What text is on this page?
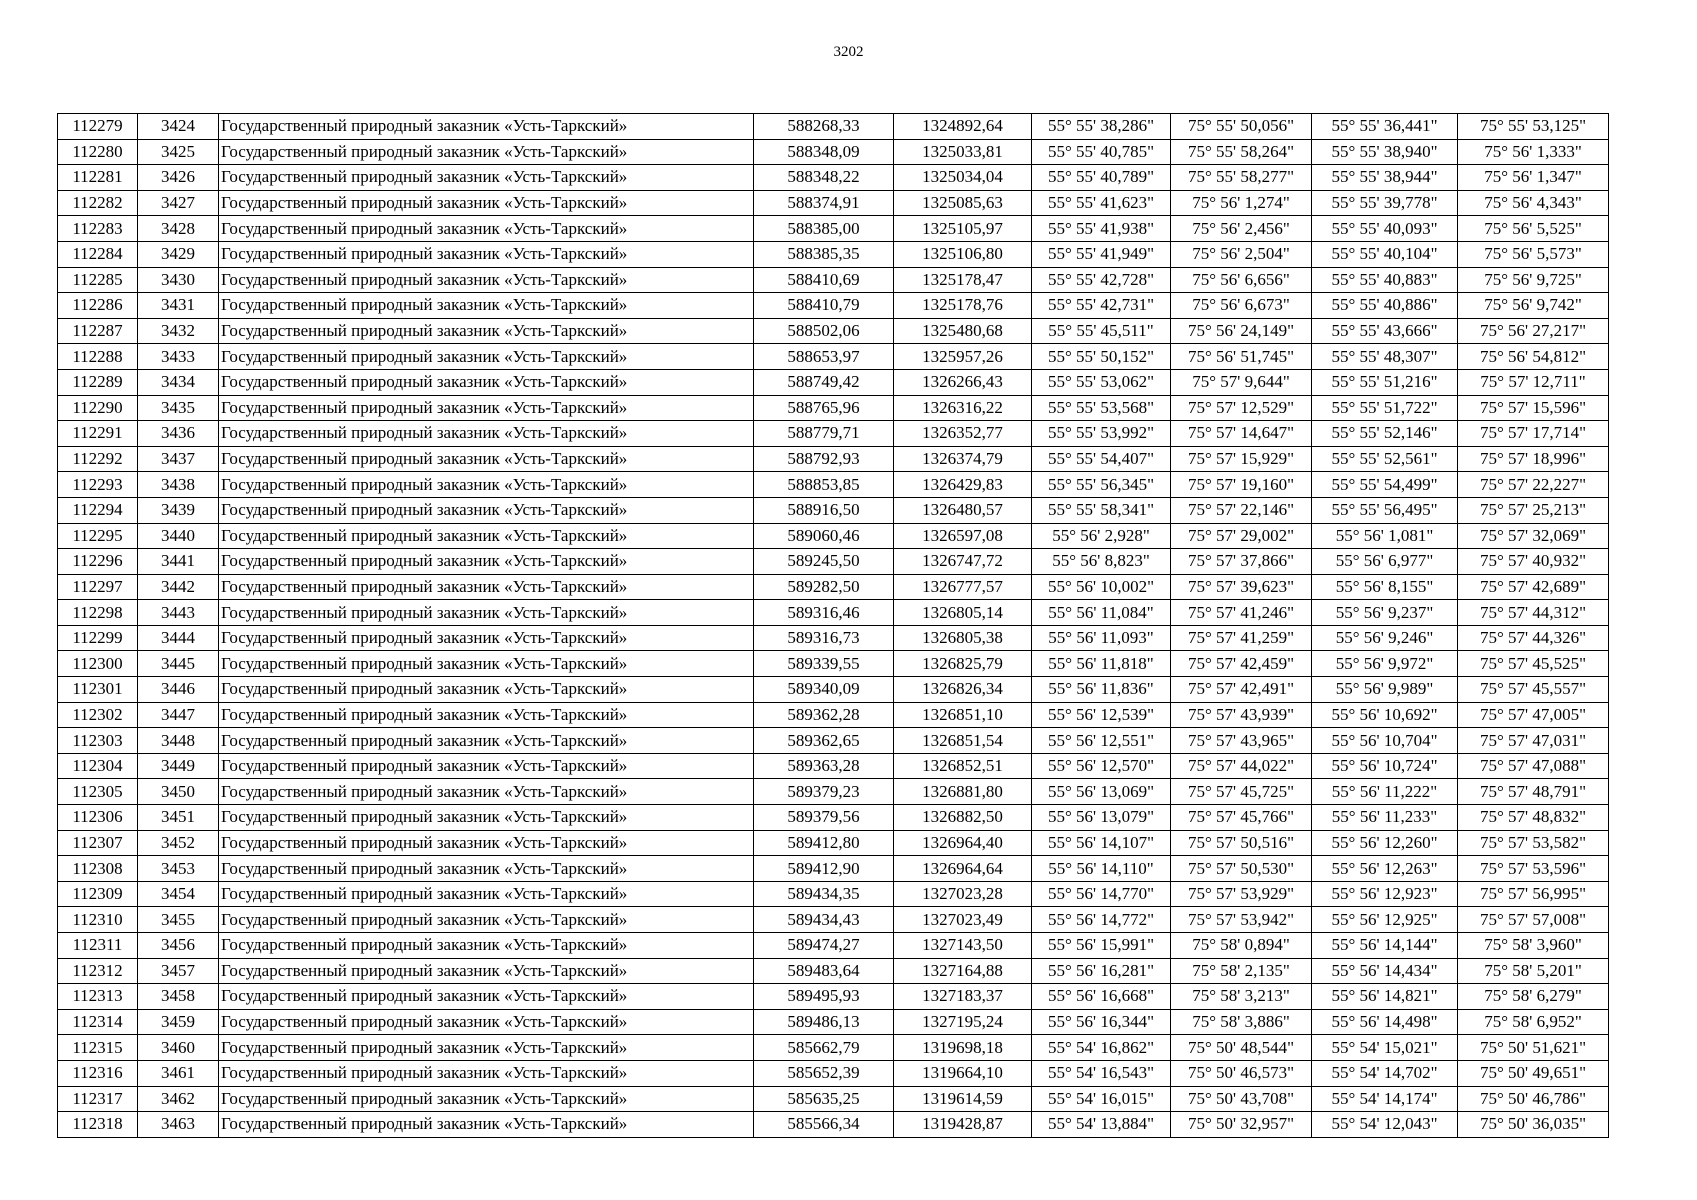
3202
112279	3424	Государственный природный заказник «Усть-Таркский»	588268,33	1324892,64	55° 55' 38,286"	75° 55' 50,056"	55° 55' 36,441"	75° 55' 53,125"
112280	3425	Государственный природный заказник «Усть-Таркский»	588348,09	1325033,81	55° 55' 40,785"	75° 55' 58,264"	55° 55' 38,940"	75° 56' 1,333"
112281	3426	Государственный природный заказник «Усть-Таркский»	588348,22	1325034,04	55° 55' 40,789"	75° 55' 58,277"	55° 55' 38,944"	75° 56' 1,347"
112282	3427	Государственный природный заказник «Усть-Таркский»	588374,91	1325085,63	55° 55' 41,623"	75° 56' 1,274"	55° 55' 39,778"	75° 56' 4,343"
112283	3428	Государственный природный заказник «Усть-Таркский»	588385,00	1325105,97	55° 55' 41,938"	75° 56' 2,456"	55° 55' 40,093"	75° 56' 5,525"
112284	3429	Государственный природный заказник «Усть-Таркский»	588385,35	1325106,80	55° 55' 41,949"	75° 56' 2,504"	55° 55' 40,104"	75° 56' 5,573"
112285	3430	Государственный природный заказник «Усть-Таркский»	588410,69	1325178,47	55° 55' 42,728"	75° 56' 6,656"	55° 55' 40,883"	75° 56' 9,725"
112286	3431	Государственный природный заказник «Усть-Таркский»	588410,79	1325178,76	55° 55' 42,731"	75° 56' 6,673"	55° 55' 40,886"	75° 56' 9,742"
112287	3432	Государственный природный заказник «Усть-Таркский»	588502,06	1325480,68	55° 55' 45,511"	75° 56' 24,149"	55° 55' 43,666"	75° 56' 27,217"
112288	3433	Государственный природный заказник «Усть-Таркский»	588653,97	1325957,26	55° 55' 50,152"	75° 56' 51,745"	55° 55' 48,307"	75° 56' 54,812"
112289	3434	Государственный природный заказник «Усть-Таркский»	588749,42	1326266,43	55° 55' 53,062"	75° 57' 9,644"	55° 55' 51,216"	75° 57' 12,711"
112290	3435	Государственный природный заказник «Усть-Таркский»	588765,96	1326316,22	55° 55' 53,568"	75° 57' 12,529"	55° 55' 51,722"	75° 57' 15,596"
112291	3436	Государственный природный заказник «Усть-Таркский»	588779,71	1326352,77	55° 55' 53,992"	75° 57' 14,647"	55° 55' 52,146"	75° 57' 17,714"
112292	3437	Государственный природный заказник «Усть-Таркский»	588792,93	1326374,79	55° 55' 54,407"	75° 57' 15,929"	55° 55' 52,561"	75° 57' 18,996"
112293	3438	Государственный природный заказник «Усть-Таркский»	588853,85	1326429,83	55° 55' 56,345"	75° 57' 19,160"	55° 55' 54,499"	75° 57' 22,227"
112294	3439	Государственный природный заказник «Усть-Таркский»	588916,50	1326480,57	55° 55' 58,341"	75° 57' 22,146"	55° 55' 56,495"	75° 57' 25,213"
112295	3440	Государственный природный заказник «Усть-Таркский»	589060,46	1326597,08	55° 56' 2,928"	75° 57' 29,002"	55° 56' 1,081"	75° 57' 32,069"
112296	3441	Государственный природный заказник «Усть-Таркский»	589245,50	1326747,72	55° 56' 8,823"	75° 57' 37,866"	55° 56' 6,977"	75° 57' 40,932"
112297	3442	Государственный природный заказник «Усть-Таркский»	589282,50	1326777,57	55° 56' 10,002"	75° 57' 39,623"	55° 56' 8,155"	75° 57' 42,689"
112298	3443	Государственный природный заказник «Усть-Таркский»	589316,46	1326805,14	55° 56' 11,084"	75° 57' 41,246"	55° 56' 9,237"	75° 57' 44,312"
112299	3444	Государственный природный заказник «Усть-Таркский»	589316,73	1326805,38	55° 56' 11,093"	75° 57' 41,259"	55° 56' 9,246"	75° 57' 44,326"
112300	3445	Государственный природный заказник «Усть-Таркский»	589339,55	1326825,79	55° 56' 11,818"	75° 57' 42,459"	55° 56' 9,972"	75° 57' 45,525"
112301	3446	Государственный природный заказник «Усть-Таркский»	589340,09	1326826,34	55° 56' 11,836"	75° 57' 42,491"	55° 56' 9,989"	75° 57' 45,557"
112302	3447	Государственный природный заказник «Усть-Таркский»	589362,28	1326851,10	55° 56' 12,539"	75° 57' 43,939"	55° 56' 10,692"	75° 57' 47,005"
112303	3448	Государственный природный заказник «Усть-Таркский»	589362,65	1326851,54	55° 56' 12,551"	75° 57' 43,965"	55° 56' 10,704"	75° 57' 47,031"
112304	3449	Государственный природный заказник «Усть-Таркский»	589363,28	1326852,51	55° 56' 12,570"	75° 57' 44,022"	55° 56' 10,724"	75° 57' 47,088"
112305	3450	Государственный природный заказник «Усть-Таркский»	589379,23	1326881,80	55° 56' 13,069"	75° 57' 45,725"	55° 56' 11,222"	75° 57' 48,791"
112306	3451	Государственный природный заказник «Усть-Таркский»	589379,56	1326882,50	55° 56' 13,079"	75° 57' 45,766"	55° 56' 11,233"	75° 57' 48,832"
112307	3452	Государственный природный заказник «Усть-Таркский»	589412,80	1326964,40	55° 56' 14,107"	75° 57' 50,516"	55° 56' 12,260"	75° 57' 53,582"
112308	3453	Государственный природный заказник «Усть-Таркский»	589412,90	1326964,64	55° 56' 14,110"	75° 57' 50,530"	55° 56' 12,263"	75° 57' 53,596"
112309	3454	Государственный природный заказник «Усть-Таркский»	589434,35	1327023,28	55° 56' 14,770"	75° 57' 53,929"	55° 56' 12,923"	75° 57' 56,995"
112310	3455	Государственный природный заказник «Усть-Таркский»	589434,43	1327023,49	55° 56' 14,772"	75° 57' 53,942"	55° 56' 12,925"	75° 57' 57,008"
112311	3456	Государственный природный заказник «Усть-Таркский»	589474,27	1327143,50	55° 56' 15,991"	75° 58' 0,894"	55° 56' 14,144"	75° 58' 3,960"
112312	3457	Государственный природный заказник «Усть-Таркский»	589483,64	1327164,88	55° 56' 16,281"	75° 58' 2,135"	55° 56' 14,434"	75° 58' 5,201"
112313	3458	Государственный природный заказник «Усть-Таркский»	589495,93	1327183,37	55° 56' 16,668"	75° 58' 3,213"	55° 56' 14,821"	75° 58' 6,279"
112314	3459	Государственный природный заказник «Усть-Таркский»	589486,13	1327195,24	55° 56' 16,344"	75° 58' 3,886"	55° 56' 14,498"	75° 58' 6,952"
112315	3460	Государственный природный заказник «Усть-Таркский»	585662,79	1319698,18	55° 54' 16,862"	75° 50' 48,544"	55° 54' 15,021"	75° 50' 51,621"
112316	3461	Государственный природный заказник «Усть-Таркский»	585652,39	1319664,10	55° 54' 16,543"	75° 50' 46,573"	55° 54' 14,702"	75° 50' 49,651"
112317	3462	Государственный природный заказник «Усть-Таркский»	585635,25	1319614,59	55° 54' 16,015"	75° 50' 43,708"	55° 54' 14,174"	75° 50' 46,786"
112318	3463	Государственный природный заказник «Усть-Таркский»	585566,34	1319428,87	55° 54' 13,884"	75° 50' 32,957"	55° 54' 12,043"	75° 50' 36,035"
